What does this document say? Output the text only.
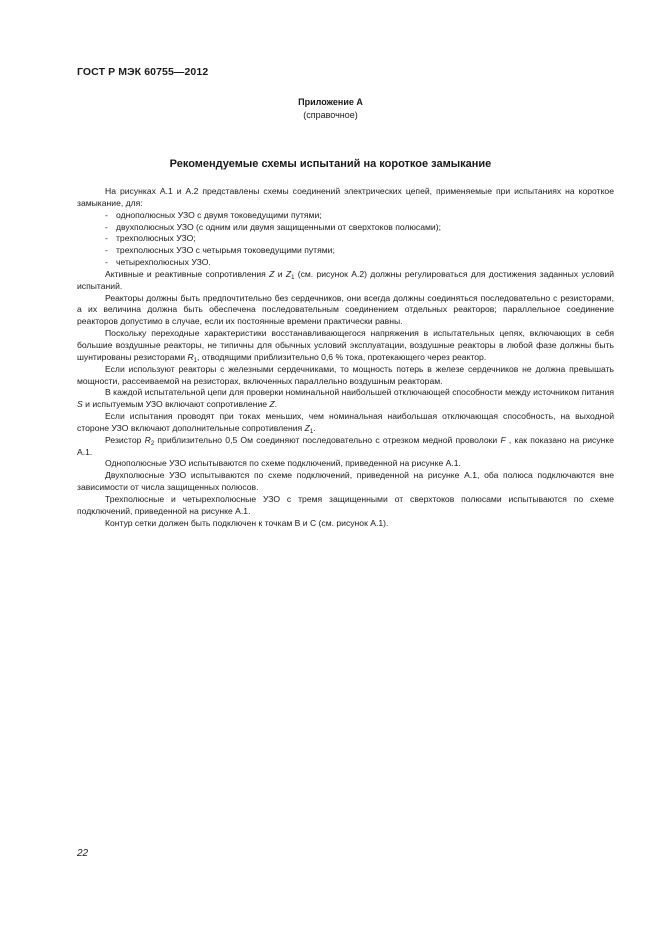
ГОСТ Р МЭК 60755—2012
Приложение А
(справочное)
Рекомендуемые схемы испытаний на короткое замыкание

На рисунках А.1 и А.2 представлены схемы соединений электрических цепей, применяемые при испытаниях на короткое замыкание, для:

- однополюсных УЗО с двумя токоведущими путями;

- двухполюсных УЗО (с одним или двумя защищенными от сверхтоков полюсами);

- трехполюсных УЗО;

- трехполюсных УЗО с четырьмя токоведущими путями;

- четырехполюсных УЗО.

Активные и реактивные сопротивления Z и $Z_1$ (см. рисунок А.2) должны регулироваться для достижения заданных условий испытаний.

Реакторы должны быть предпочтительно без сердечников, они всегда должны соединяться последовательно с резисторами, а их величина должна быть обеспечена последовательным соединением отдельных реакторов; параллельное соединение реакторов допустимо в случае, если их постоянные времени практически равны.

Поскольку переходные характеристики восстанавливающегося напряжения в испытательных цепях, включающих в себя большие воздушные реакторы, не типичны для обычных условий эксплуатации, воздушные реакторы в любой фазе должны быть шунтированы резисторами $R_1$, отводящими приблизительно 0,6 % тока, протекающего через реактор.

Если используют реакторы с железными сердечниками, то мощность потерь в железе сердечников не должна превышать мощности, рассеиваемой на резисторах, включенных параллельно воздушным реакторам.

В каждой испытательной цепи для проверки номинальной наибольшей отключающей способности между источником питания S и испытуемым УЗО включают сопротивление Z.

Если испытания проводят при токах меньших, чем номинальная наибольшая отключающая способность, на выходной стороне УЗО включают дополнительные сопротивления $Z_1$.

Резистор $R_2$ приблизительно 0,5 Ом соединяют последовательно с отрезком медной проволоки F , как показано на рисунке А.1.

Однополюсные УЗО испытываются по схеме подключений, приведенной на рисунке А.1.

Двухполюсные УЗО испытываются по схеме подключений, приведенной на рисунке А.1, оба полюса подключаются вне зависимости от числа защищенных полюсов.

Трехполюсные и четырехполюсные УЗО с тремя защищенными от сверхтоков полюсами испытываются по схеме подключений, приведенной на рисунке А.1.

Контур сетки должен быть подключен к точкам В и С (см. рисунок А.1).

22
